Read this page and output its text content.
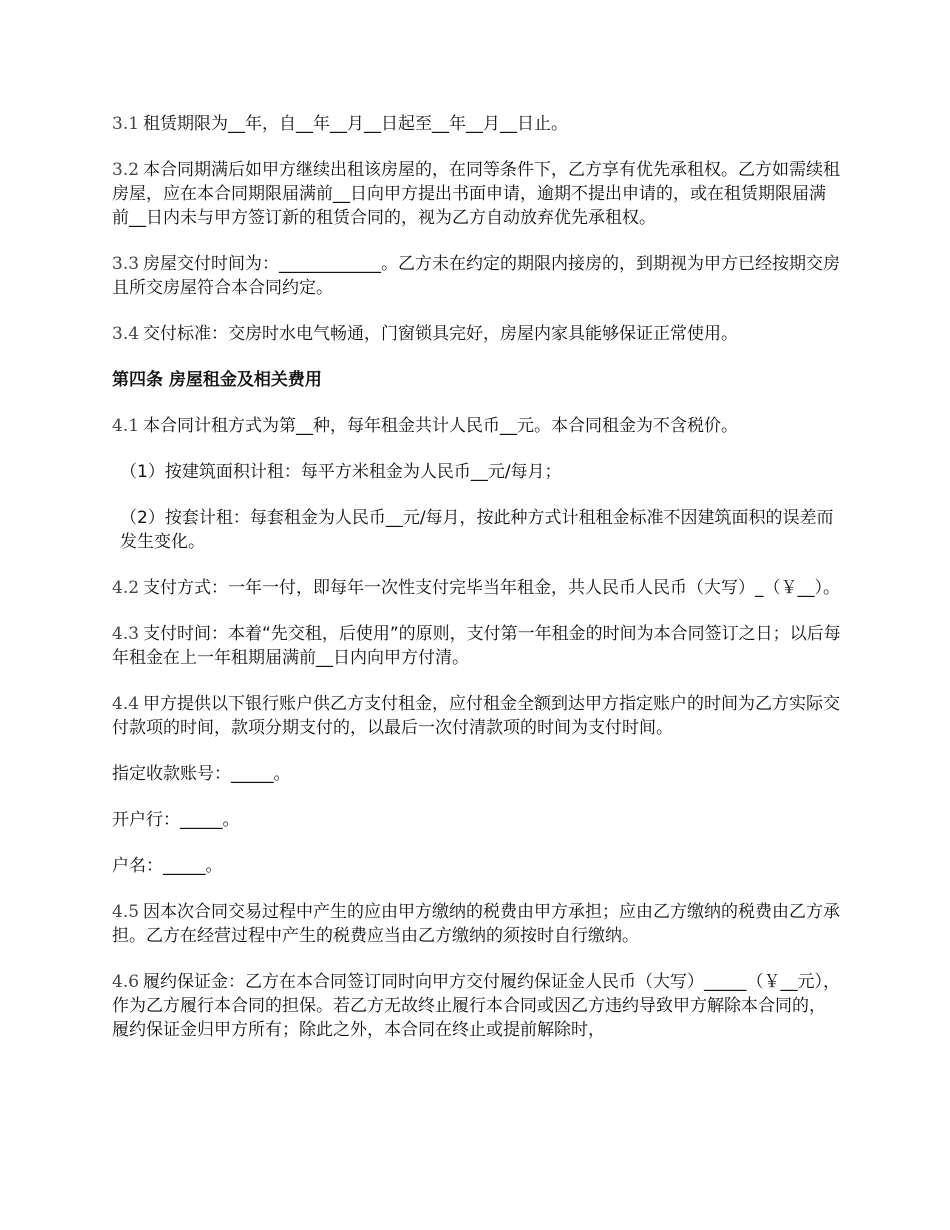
3.1 租赁期限为__年，自__年__月__日起至__年__月__日止。

3.2 本合同期满后如甲方继续出租该房屋的，在同等条件下，乙方享有优先承租权。乙方如需续租房屋，应在本合同期限届满前__日向甲方提出书面申请，逾期不提出申请的，或在租赁期限届满前__日内未与甲方签订新的租赁合同的，视为乙方自动放弃优先承租权。

3.3 房屋交付时间为：____________。乙方未在约定的期限内接房的，到期视为甲方已经按期交房且所交房屋符合本合同约定。

3.4 交付标准：交房时水电气畅通，门窗锁具完好，房屋内家具能够保证正常使用。

第四条 房屋租金及相关费用

4.1 本合同计租方式为第__种，每年租金共计人民币__元。本合同租金为不含税价。

（1）按建筑面积计租：每平方米租金为人民币__元/每月；

（2）按套计租：每套租金为人民币__元/每月，按此种方式计租租金标准不因建筑面积的误差而发生变化。

4.2 支付方式：一年一付，即每年一次性支付完毕当年租金，共人民币人民币（大写）_（￥__）。

4.3 支付时间：本着“先交租，后使用”的原则，支付第一年租金的时间为本合同签订之日；以后每年租金在上一年租期届满前__日内向甲方付清。

4.4 甲方提供以下银行账户供乙方支付租金，应付租金全额到达甲方指定账户的时间为乙方实际交付款项的时间，款项分期支付的，以最后一次付清款项的时间为支付时间。

指定收款账号：_____。

开户行：_____。

户名：_____。

4.5 因本次合同交易过程中产生的应由甲方缴纳的税费由甲方承担；应由乙方缴纳的税费由乙方承担。乙方在经营过程中产生的税费应当由乙方缴纳的须按时自行缴纳。

4.6 履约保证金：乙方在本合同签订同时向甲方交付履约保证金人民币（大写）_____（￥__元），作为乙方履行本合同的担保。若乙方无故终止履行本合同或因乙方违约导致甲方解除本合同的，履约保证金归甲方所有；除此之外，本合同在终止或提前解除时，
